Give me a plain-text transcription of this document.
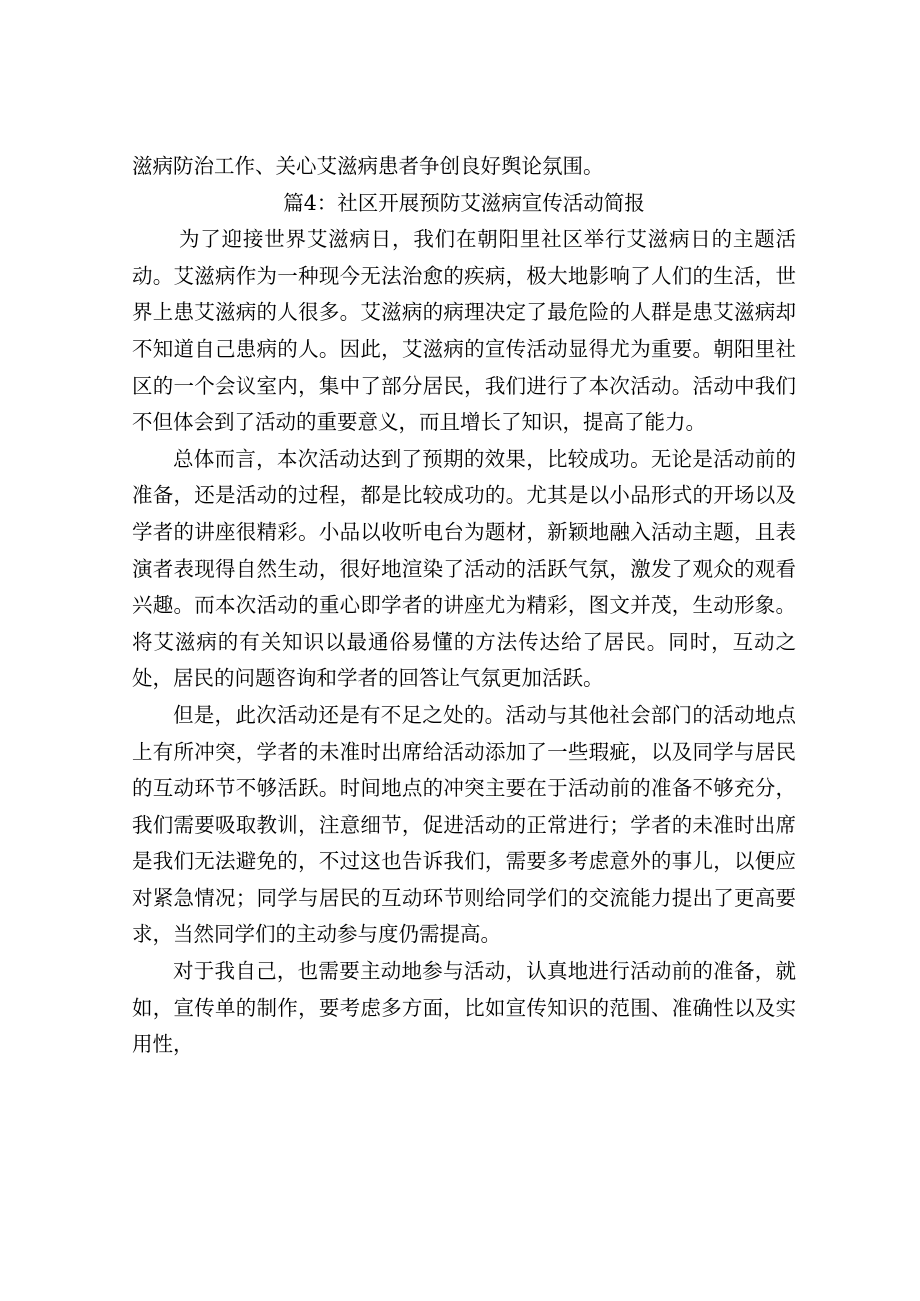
滋病防治工作、关心艾滋病患者争创良好舆论氛围。

篇4：社区开展预防艾滋病宣传活动简报

为了迎接世界艾滋病日，我们在朝阳里社区举行艾滋病日的主题活动。艾滋病作为一种现今无法治愈的疾病，极大地影响了人们的生活，世界上患艾滋病的人很多。艾滋病的病理决定了最危险的人群是患艾滋病却不知道自己患病的人。因此，艾滋病的宣传活动显得尤为重要。朝阳里社区的一个会议室内，集中了部分居民，我们进行了本次活动。活动中我们不但体会到了活动的重要意义，而且增长了知识，提高了能力。

总体而言，本次活动达到了预期的效果，比较成功。无论是活动前的准备，还是活动的过程，都是比较成功的。尤其是以小品形式的开场以及学者的讲座很精彩。小品以收听电台为题材，新颖地融入活动主题，且表演者表现得自然生动，很好地渲染了活动的活跃气氛，激发了观众的观看兴趣。而本次活动的重心即学者的讲座尤为精彩，图文并茂，生动形象。将艾滋病的有关知识以最通俗易懂的方法传达给了居民。同时，互动之处，居民的问题咨询和学者的回答让气氛更加活跃。

但是，此次活动还是有不足之处的。活动与其他社会部门的活动地点上有所冲突，学者的未准时出席给活动添加了一些瑕疵，以及同学与居民的互动环节不够活跃。时间地点的冲突主要在于活动前的准备不够充分，我们需要吸取教训，注意细节，促进活动的正常进行；学者的未准时出席是我们无法避免的，不过这也告诉我们，需要多考虑意外的事儿，以便应对紧急情况；同学与居民的互动环节则给同学们的交流能力提出了更高要求，当然同学们的主动参与度仍需提高。

对于我自己，也需要主动地参与活动，认真地进行活动前的准备，就如，宣传单的制作，要考虑多方面，比如宣传知识的范围、准确性以及实用性，
